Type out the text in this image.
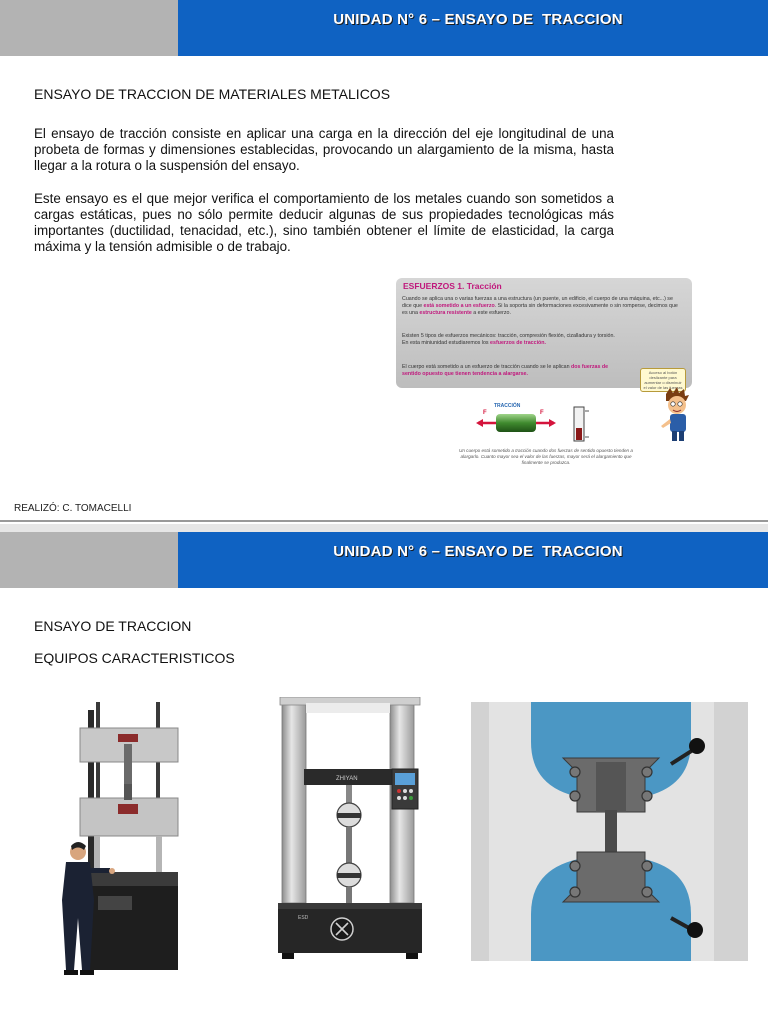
UNIDAD N° 6 – ENSAYO DE  TRACCION
ENSAYO DE TRACCION DE MATERIALES METALICOS

El ensayo de tracción consiste en aplicar una carga en la dirección del eje longitudinal de una probeta de formas y dimensiones establecidas, provocando un alargamiento de la misma, hasta llegar a la rotura o la suspensión del ensayo.

Este ensayo es el que mejor verifica el comportamiento de los metales cuando son sometidos a cargas estáticas, pues no sólo permite deducir algunas de sus propiedades tecnológicas más importantes (ductilidad, tenacidad, etc.), sino también obtener el límite de elasticidad, la carga máxima y la tensión admisible o de trabajo.

ESFUERZOS 1. Tracción

Cuando se aplica una o varias fuerzas a una estructura (un puente, un edificio, el cuerpo de una máquina, etc...) se dice que está sometido a un esfuerzo. Si la soporta sin deformaciones excesivamente o sin romperse, decimos que es una estructura resistente a este esfuerzo.

Existen 5 tipos de esfuerzos mecánicos: tracción, compresión flexión, cizalladura y torsión. En esta miniunidad estudiaremos los esfuerzos de tracción.

El cuerpo está sometido a un esfuerzo de tracción cuando se le aplican dos fuerzas de sentido opuesto que tienen tendencia a alargarse.	Acceso al botón deslizante para aumentar o disminuir el valor de las fuerzas
TRACCIÓN
F	F

Un cuerpo está sometido a tracción cuando dos fuerzas de sentido opuesto tienden a alargarlo. Cuanto mayor sea el valor de las fuerzas, mayor será el alargamiento que finalmente se produzca.

REALIZÓ: C. TOMACELLI
UNIDAD N° 6 – ENSAYO DE  TRACCION
ENSAYO DE TRACCION
EQUIPOS CARACTERISTICOS
ZHIYAN
ESD
